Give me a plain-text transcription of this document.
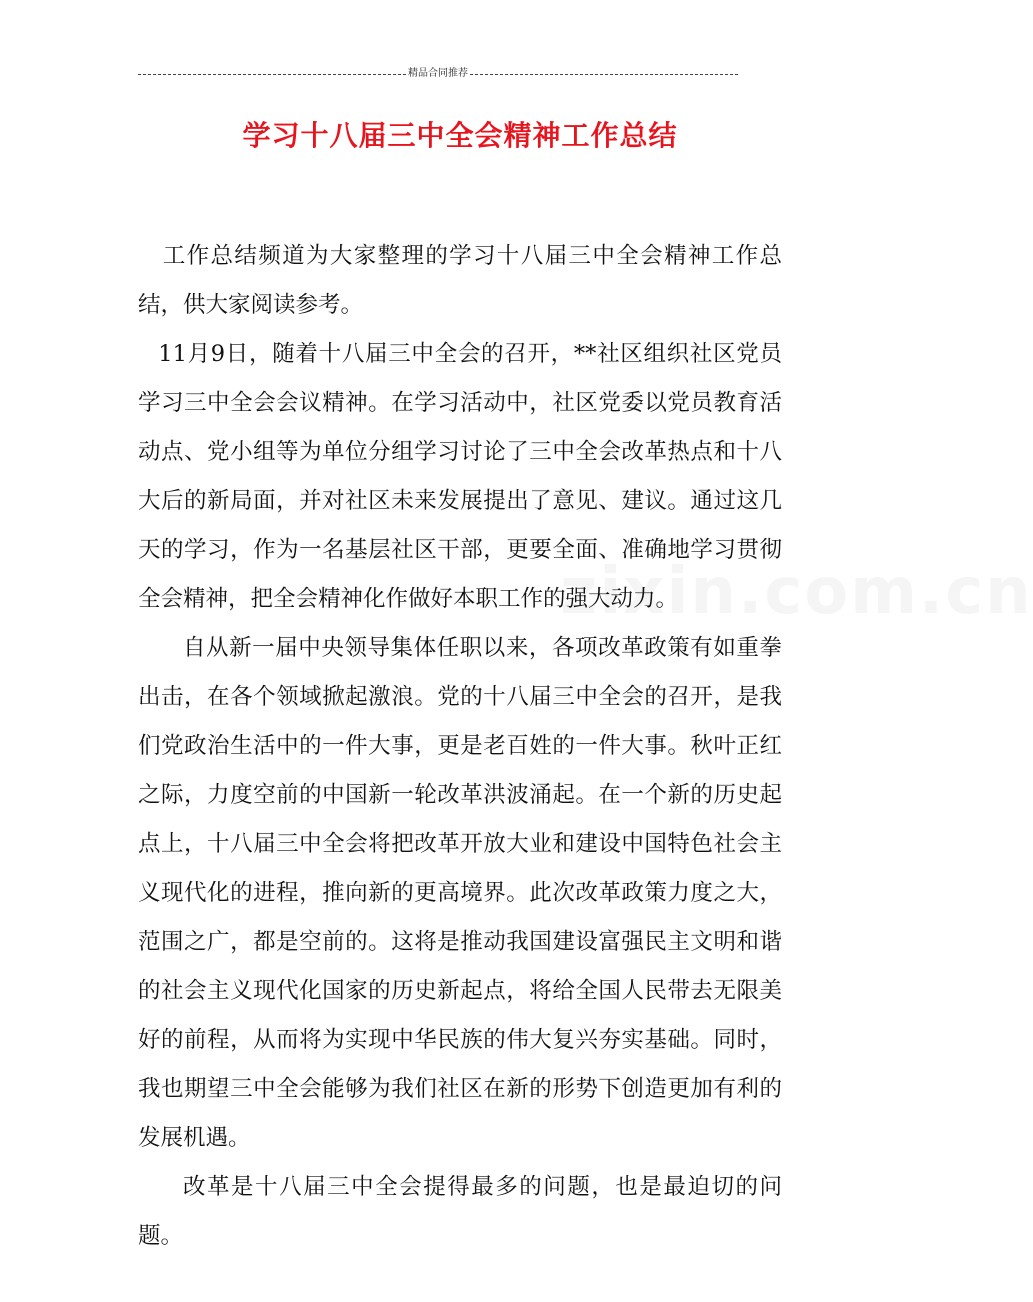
精品合同推荐
学习十八届三中全会精神工作总结
zixin.com.cn

工作总结频道为大家整理的学习十八届三中全会精神工作总结，供大家阅读参考。

11月9日，随着十八届三中全会的召开，**社区组织社区党员学习三中全会会议精神。在学习活动中，社区党委以党员教育活动点、党小组等为单位分组学习讨论了三中全会改革热点和十八大后的新局面，并对社区未来发展提出了意见、建议。通过这几天的学习，作为一名基层社区干部，更要全面、准确地学习贯彻全会精神，把全会精神化作做好本职工作的强大动力。

自从新一届中央领导集体任职以来，各项改革政策有如重拳出击，在各个领域掀起激浪。党的十八届三中全会的召开，是我们党政治生活中的一件大事，更是老百姓的一件大事。秋叶正红之际，力度空前的中国新一轮改革洪波涌起。在一个新的历史起点上，十八届三中全会将把改革开放大业和建设中国特色社会主义现代化的进程，推向新的更高境界。此次改革政策力度之大，范围之广，都是空前的。这将是推动我国建设富强民主文明和谐的社会主义现代化国家的历史新起点，将给全国人民带去无限美好的前程，从而将为实现中华民族的伟大复兴夯实基础。同时，我也期望三中全会能够为我们社区在新的形势下创造更加有利的发展机遇。

改革是十八届三中全会提得最多的问题，也是最迫切的问题。
